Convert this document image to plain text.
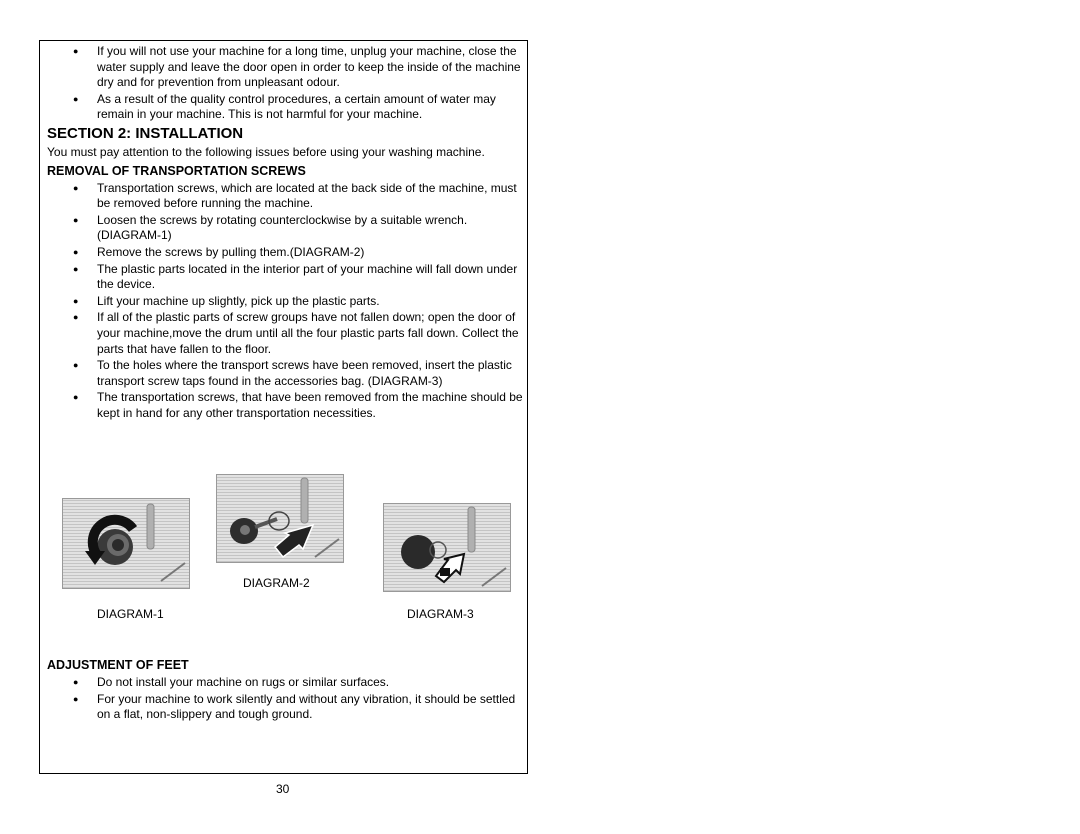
● If you will not use your machine for a long time, unplug your machine, close the water supply and leave the door open in order to keep the inside of the machine dry and for prevention from unpleasant odour.
● As a result of the quality control procedures, a certain amount of water may remain in your machine. This is not harmful for your machine.
SECTION 2: INSTALLATION
You must pay attention to the following issues before using your washing machine.
REMOVAL OF TRANSPORTATION SCREWS
● Transportation screws, which are located at the back side of the machine, must be removed before running the machine.
● Loosen the screws by rotating counterclockwise by a suitable wrench. (DIAGRAM-1)
● Remove the screws by pulling them.(DIAGRAM-2)
● The plastic parts located in the interior part of your machine will fall down under the device.
● Lift your machine up slightly, pick up the plastic parts.
● If all of the plastic parts of screw groups have not fallen down; open the door of your machine,move the drum until all the four plastic parts fall down. Collect the parts that have fallen to the floor.
● To the holes where the transport screws have been removed, insert the plastic transport screw taps found in the accessories bag. (DIAGRAM-3)
● The transportation screws, that have been removed from the machine should be kept in hand for any other transportation necessities.
DIAGRAM-2
DIAGRAM-1	DIAGRAM-3
ADJUSTMENT OF FEET
● Do not install your machine on rugs or similar surfaces.
● For your machine to work silently and without any vibration, it should be settled on a flat, non-slippery and tough ground.
30
